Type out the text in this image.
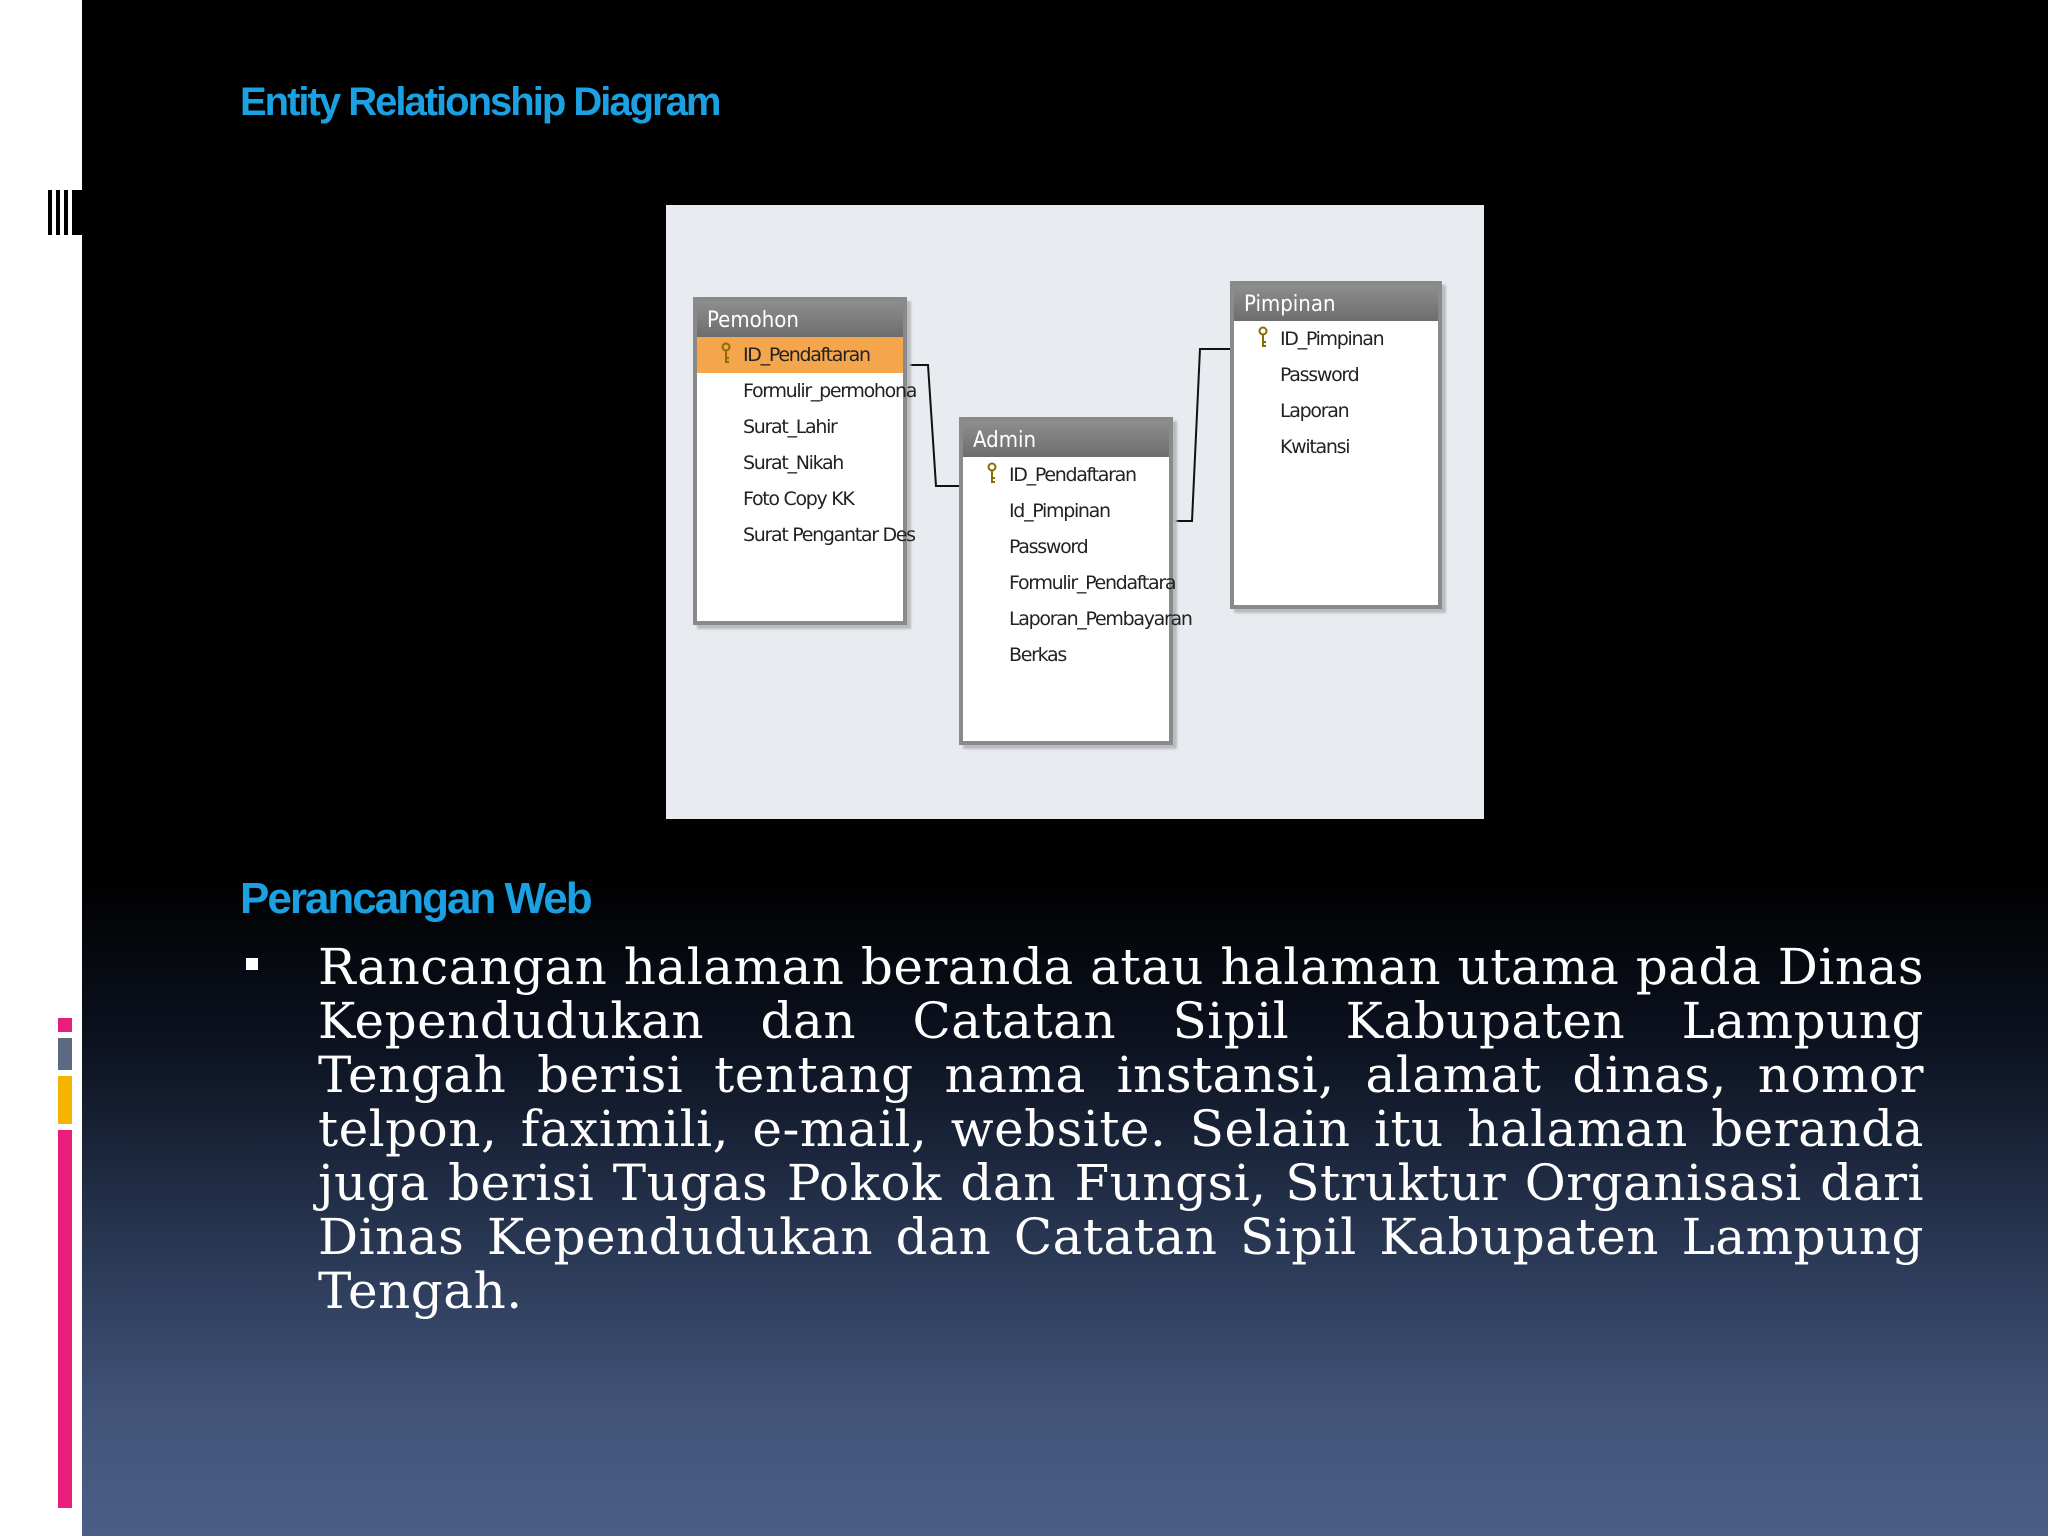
Entity Relationship Diagram
Pemohon
ID_Pendaftaran
Formulir_permohona
Surat_Lahir
Surat_Nikah
Foto Copy KK
Surat Pengantar Des
Admin
ID_Pendaftaran
Id_Pimpinan
Password
Formulir_Pendaftara
Laporan_Pembayaran
Berkas
Pimpinan
ID_Pimpinan
Password
Laporan
Kwitansi
Perancangan Web

Rancangan halaman beranda atau halaman utama pada Dinas Kependudukan dan Catatan Sipil Kabupaten Lampung Tengah berisi tentang nama instansi, alamat dinas, nomor telpon, faximili, e-mail, website. Selain itu halaman beranda juga berisi Tugas Pokok dan Fungsi, Struktur Organisasi dari Dinas Kependudukan dan Catatan Sipil Kabupaten Lampung Tengah.
